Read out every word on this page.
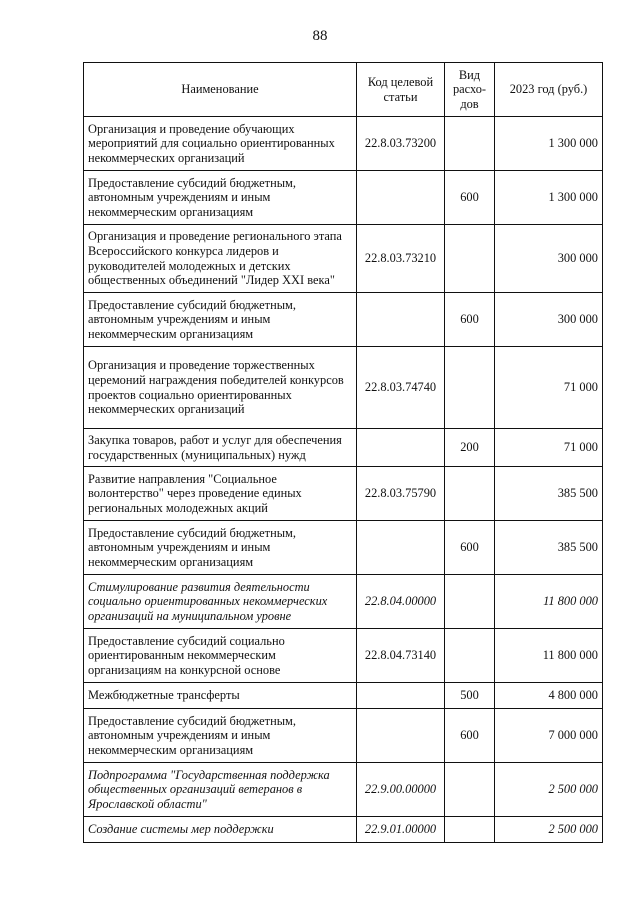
88
Наименование	Код целевой статьи	Вид расхо-дов	2023 год (руб.)
Организация и проведение обучающих мероприятий для социально ориентированных некоммерческих организаций	22.8.03.73200		1 300 000
Предоставление субсидий бюджетным, автономным учреждениям и иным некоммерческим организациям		600	1 300 000
Организация и проведение регионального этапа Всероссийского конкурса лидеров и руководителей молодежных и детских общественных объединений "Лидер XXI века"	22.8.03.73210		300 000
Предоставление субсидий бюджетным, автономным учреждениям и иным некоммерческим организациям		600	300 000
Организация и проведение торжественных церемоний награждения победителей конкурсов проектов социально ориентированных некоммерческих организаций	22.8.03.74740		71 000
Закупка товаров, работ и услуг для обеспечения государственных (муниципальных) нужд		200	71 000
Развитие направления "Социальное волонтерство" через проведение единых региональных молодежных акций	22.8.03.75790		385 500
Предоставление субсидий бюджетным, автономным учреждениям и иным некоммерческим организациям		600	385 500
Стимулирование развития деятельности социально ориентированных некоммерческих организаций на муниципальном уровне	22.8.04.00000		11 800 000
Предоставление субсидий социально ориентированным некоммерческим организациям на конкурсной основе	22.8.04.73140		11 800 000
Межбюджетные трансферты		500	4 800 000
Предоставление субсидий бюджетным, автономным учреждениям и иным некоммерческим организациям		600	7 000 000
Подпрограмма "Государственная поддержка общественных организаций ветеранов в Ярославской области"	22.9.00.00000		2 500 000
Создание системы мер поддержки	22.9.01.00000		2 500 000
